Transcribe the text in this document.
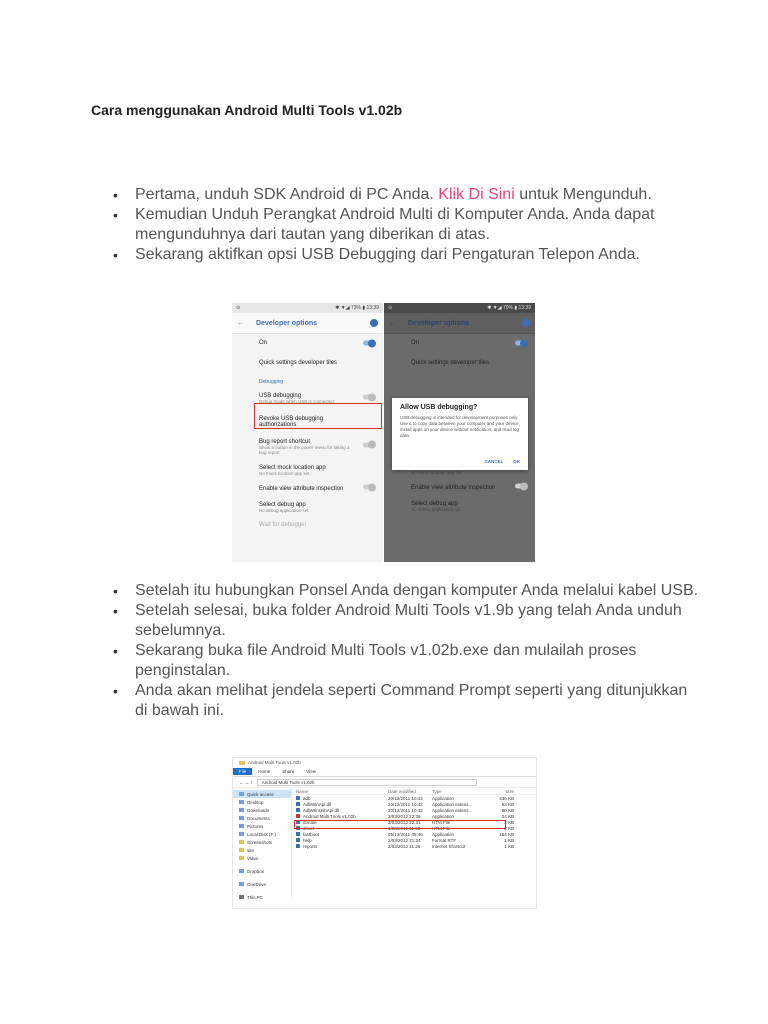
Cara menggunakan Android Multi Tools v1.02b
• Pertama, unduh SDK Android di PC Anda. Klik Di Sini untuk Mengunduh.
• Kemudian Unduh Perangkat Android Multi di Komputer Anda. Anda dapat mengunduhnya dari tautan yang diberikan di atas.
• Sekarang aktifkan opsi USB Debugging dari Pengaturan Telepon Anda.
⊙	✱ ▼◢ 73% ▮ 13:39
← Developer options
On
Quick settings developer tiles
Debugging
USB debugging
Debug mode when USB is connected
Revoke USB debugging authorizations
Bug report shortcut
Show a button in the power menu for taking a bug report
Select mock location app
No mock location app set
Enable view attribute inspection
Select debug app
No debug application set
Wait for debugger
⊙	✱ ▼◢ 70% ▮ 13:39
← Developer options
On
Quick settings developer tiles
No mock location app set
Enable view attribute inspection
Select debug app
No debug application set
Allow USB debugging?
USB debugging is intended for development purposes only. Use it to copy data between your computer and your device, install apps on your device without notification, and read log data.
CANCEL OK
• Setelah itu hubungkan Ponsel Anda dengan komputer Anda melalui kabel USB.
• Setelah selesai, buka folder Android Multi Tools v1.9b yang telah Anda unduh sebelumnya.
• Sekarang buka file Android Multi Tools v1.02b.exe dan mulailah proses penginstalan.
• Anda akan melihat jendela seperti Command Prompt seperti yang ditunjukkan di bawah ini.
Android Multi Tools v1.02b
File	Home	Share	View
← → ↑	Android Multi Tools v1.02b
Quick access
Desktop
Downloads
Documents
Pictures
Local Disk (F:)
Screenshots
site
Video
Dropbox
OneDrive
This PC
Name	Date modified	Type	Size
adb	20/12/2011 10:42	Application	436 KB
AdbWinApi.dll	20/12/2011 10:42	Application extens...	93 KB
AdbWinUsbApi.dll	20/12/2011 10:42	Application extens...	60 KB
Android Multi Tools v1.02b	3/03/2012 22:36	Application	24 KB
donate	3/03/2012 22:31	HTM File	2 KB
driver	1/03/2012 11:38	HTM File	2 KB
fastboot	05/12/2011 05:46	Application	154 KB
help	2/03/2012 21:24	Format RTF	1 KB
reports	2/03/2012 11:26	Internet Shortcut	1 KB
